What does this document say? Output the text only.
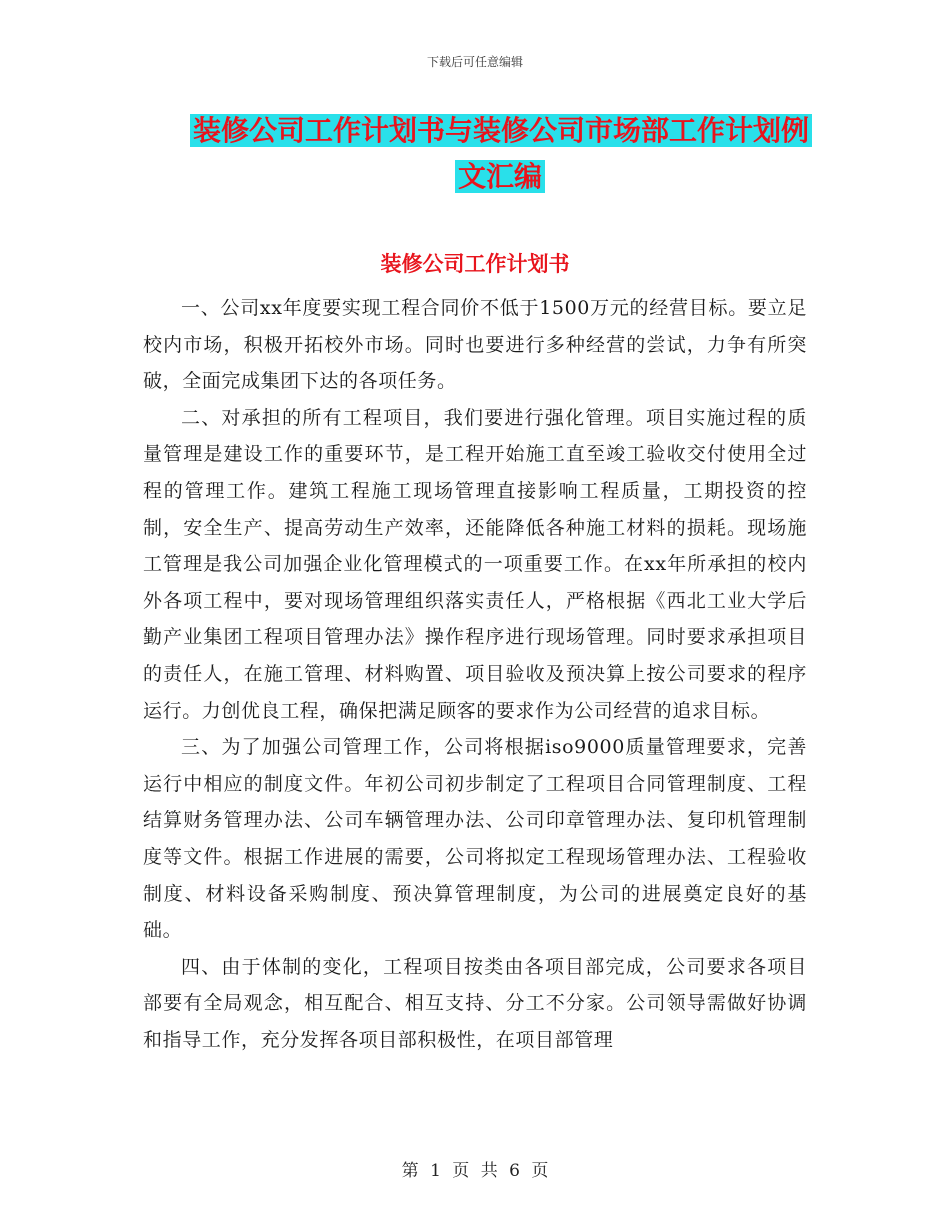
下载后可任意编辑
装修公司工作计划书与装修公司市场部工作计划例文汇编
装修公司工作计划书

一、公司xx年度要实现工程合同价不低于1500万元的经营目标。要立足校内市场，积极开拓校外市场。同时也要进行多种经营的尝试，力争有所突破，全面完成集团下达的各项任务。

二、对承担的所有工程项目，我们要进行强化管理。项目实施过程的质量管理是建设工作的重要环节，是工程开始施工直至竣工验收交付使用全过程的管理工作。建筑工程施工现场管理直接影响工程质量，工期投资的控制，安全生产、提高劳动生产效率，还能降低各种施工材料的损耗。现场施工管理是我公司加强企业化管理模式的一项重要工作。在xx年所承担的校内外各项工程中，要对现场管理组织落实责任人，严格根据《西北工业大学后勤产业集团工程项目管理办法》操作程序进行现场管理。同时要求承担项目的责任人，在施工管理、材料购置、项目验收及预决算上按公司要求的程序运行。力创优良工程，确保把满足顾客的要求作为公司经营的追求目标。

三、为了加强公司管理工作，公司将根据iso9000质量管理要求，完善运行中相应的制度文件。年初公司初步制定了工程项目合同管理制度、工程结算财务管理办法、公司车辆管理办法、公司印章管理办法、复印机管理制度等文件。根据工作进展的需要，公司将拟定工程现场管理办法、工程验收制度、材料设备采购制度、预决算管理制度，为公司的进展奠定良好的基础。

四、由于体制的变化，工程项目按类由各项目部完成，公司要求各项目部要有全局观念，相互配合、相互支持、分工不分家。公司领导需做好协调和指导工作，充分发挥各项目部积极性，在项目部管理

第 1 页 共 6 页
